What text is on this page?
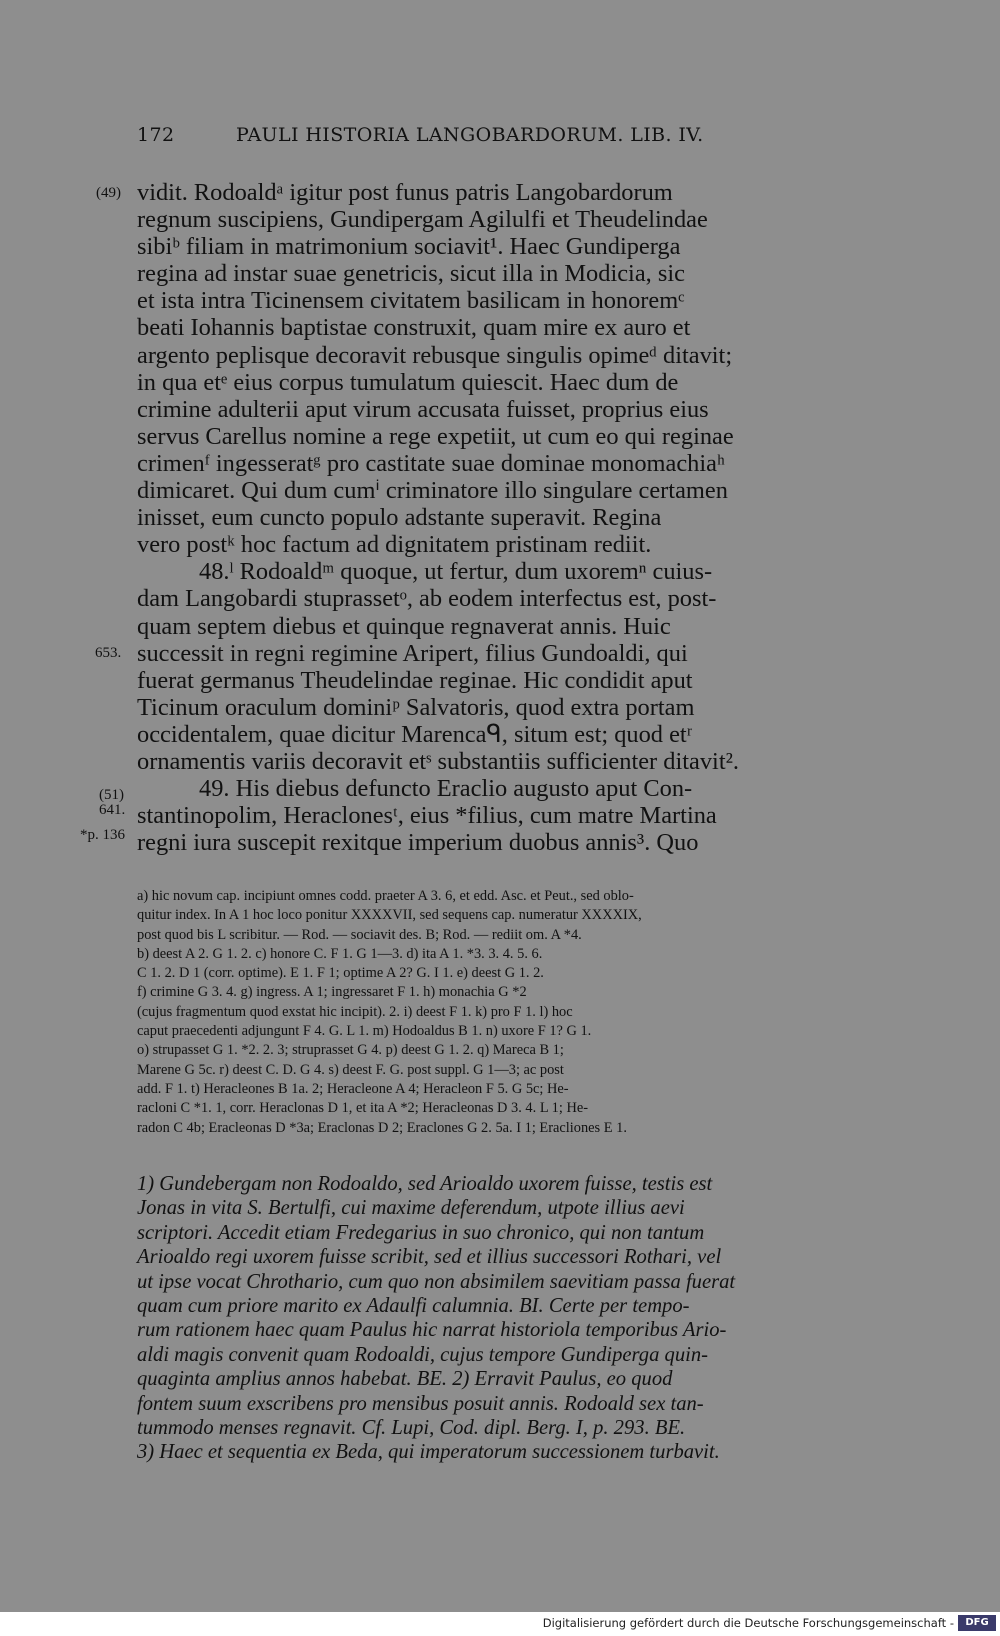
172	PAULI HISTORIA LANGOBARDORUM. LIB. IV.
(49)
653.
(51)
641.
*p. 136
vidit. Rodoaldᵃ igitur post funus patris Langobardorum
regnum suscipiens, Gundipergam Agilulfi et Theudelindae
sibiᵇ filiam in matrimonium sociavit¹. Haec Gundiperga
regina ad instar suae genetricis, sicut illa in Modicia, sic
et ista intra Ticinensem civitatem basilicam in honoremᶜ
beati Iohannis baptistae construxit, quam mire ex auro et
argento peplisque decoravit rebusque singulis opimeᵈ ditavit;
in qua etᵉ eius corpus tumulatum quiescit. Haec dum de
crimine adulterii aput virum accusata fuisset, proprius eius
servus Carellus nomine a rege expetiit, ut cum eo qui reginae
crimenᶠ ingesseratᵍ pro castitate suae dominae monomachiaʰ
dimicaret. Qui dum cumⁱ criminatore illo singulare certamen
inisset, eum cuncto populo adstante superavit. Regina
vero postᵏ hoc factum ad dignitatem pristinam rediit.
48.ˡ Rodoaldᵐ quoque, ut fertur, dum uxoremⁿ cuius-
dam Langobardi stuprassetᵒ, ab eodem interfectus est, post-
quam septem diebus et quinque regnaverat annis. Huic
successit in regni regimine Aripert, filius Gundoaldi, qui
fuerat germanus Theudelindae reginae. Hic condidit aput
Ticinum oraculum dominiᵖ Salvatoris, quod extra portam
occidentalem, quae dicitur Marencaᑫ, situm est; quod etʳ
ornamentis variis decoravit etˢ substantiis sufficienter ditavit².
49. His diebus defuncto Eraclio augusto aput Con-
stantinopolim, Heraclonesᵗ, eius *filius, cum matre Martina
regni iura suscepit rexitque imperium duobus annis³. Quo
a) hic novum cap. incipiunt omnes codd. praeter A 3. 6, et edd. Asc. et Peut., sed oblo-
quitur index. In A 1 hoc loco ponitur XXXXVII, sed sequens cap. numeratur XXXXIX,
post quod bis L scribitur. — Rod. — sociavit des. B; Rod. — rediit om. A *4.
b) deest A 2. G 1. 2. c) honore C. F 1. G 1—3. d) ita A 1. *3. 3. 4. 5. 6.
C 1. 2. D 1 (corr. optime). E 1. F 1; optime A 2? G. I 1. e) deest G 1. 2.
f) crimine G 3. 4. g) ingress. A 1; ingressaret F 1. h) monachia G *2
(cujus fragmentum quod exstat hic incipit). 2. i) deest F 1. k) pro F 1. l) hoc
caput praecedenti adjungunt F 4. G. L 1. m) Hodoaldus B 1. n) uxore F 1? G 1.
o) strupasset G 1. *2. 2. 3; struprasset G 4. p) deest G 1. 2. q) Mareca B 1;
Marene G 5c. r) deest C. D. G 4. s) deest F. G. post suppl. G 1—3; ac post
add. F 1. t) Heracleones B 1a. 2; Heracleone A 4; Heracleon F 5. G 5c; He-
racloni C *1. 1, corr. Heraclonas D 1, et ita A *2; Heracleonas D 3. 4. L 1; He-
radon C 4b; Eracleonas D *3a; Eraclonas D 2; Eraclones G 2. 5a. I 1; Eracliones E 1.
1) Gundebergam non Rodoaldo, sed Arioaldo uxorem fuisse, testis est
Jonas in vita S. Bertulfi, cui maxime deferendum, utpote illius aevi
scriptori. Accedit etiam Fredegarius in suo chronico, qui non tantum
Arioaldo regi uxorem fuisse scribit, sed et illius successori Rothari, vel
ut ipse vocat Chrothario, cum quo non absimilem saevitiam passa fuerat
quam cum priore marito ex Adaulfi calumnia. BI. Certe per tempo-
rum rationem haec quam Paulus hic narrat historiola temporibus Ario-
aldi magis convenit quam Rodoaldi, cujus tempore Gundiperga quin-
quaginta amplius annos habebat. BE. 2) Erravit Paulus, eo quod
fontem suum exscribens pro mensibus posuit annis. Rodoald sex tan-
tummodo menses regnavit. Cf. Lupi, Cod. dipl. Berg. I, p. 293. BE.
3) Haec et sequentia ex Beda, qui imperatorum successionem turbavit.
Digitalisierung gefördert durch die Deutsche Forschungsgemeinschaft -	DFG
